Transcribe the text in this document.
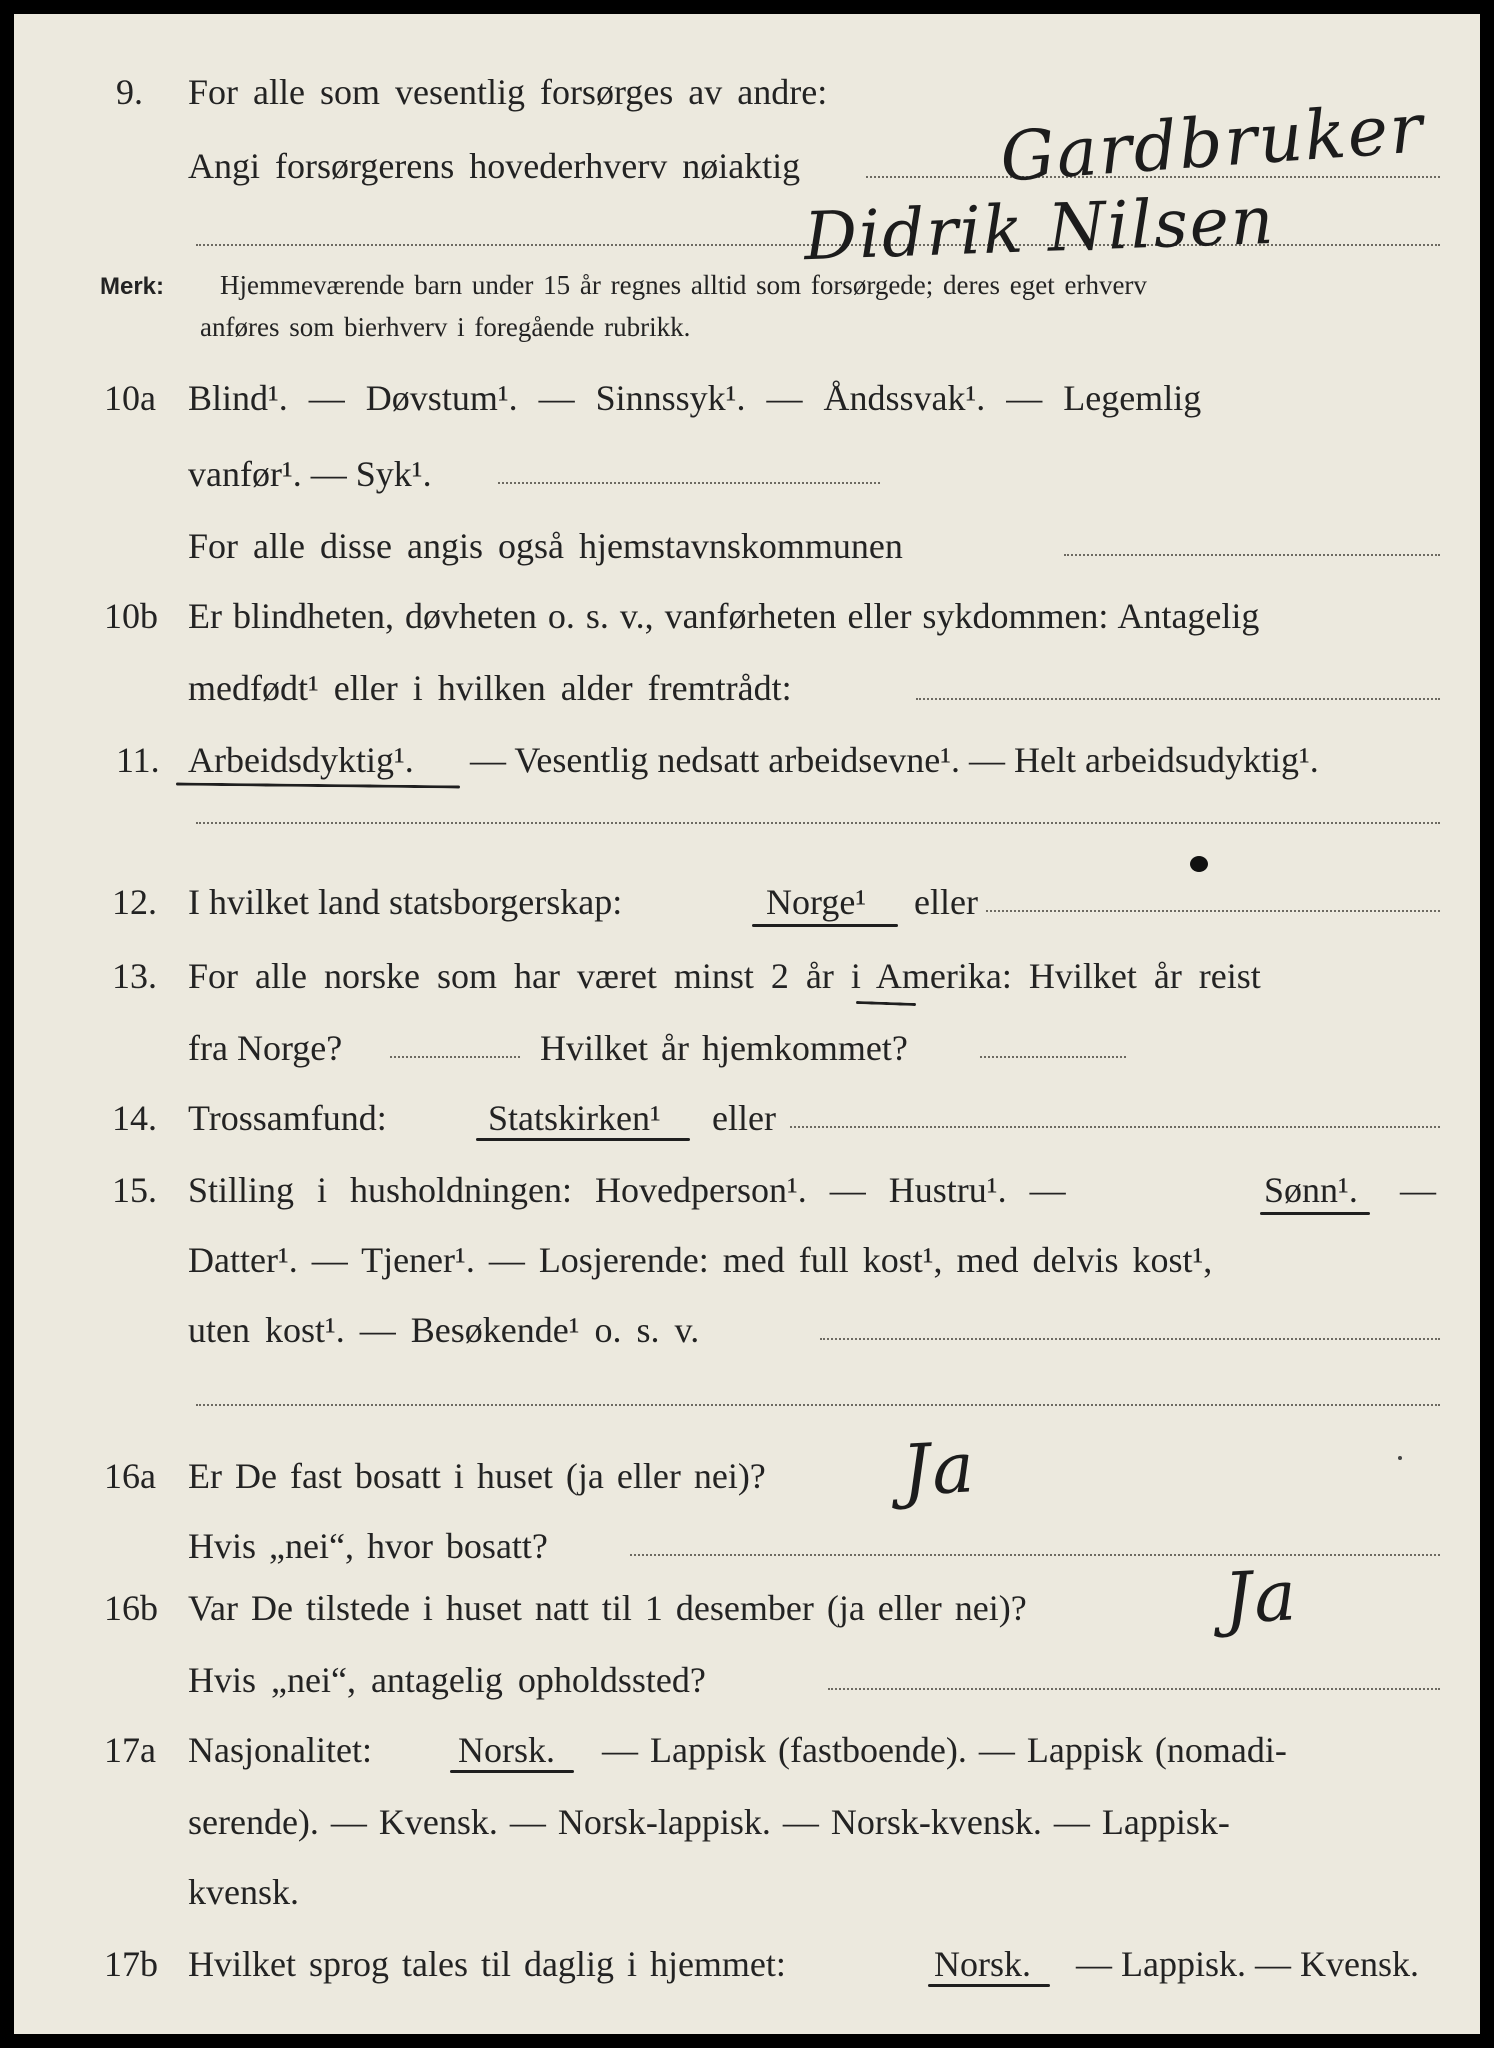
9. For alle som vesentlig forsørges av andre:
Angi forsørgerens hovederhverv nøiaktig	Gardbruker
Didrik Nilsen
Merk: Hjemmeværende barn under 15 år regnes alltid som forsørgede; deres eget erhverv
anføres som bierhverv i foregående rubrikk.
10a Blind¹. — Døvstum¹. — Sinnssyk¹. — Åndssvak¹. — Legemlig
vanfør¹. — Syk¹.
For alle disse angis også hjemstavnskommunen
10b Er blindheten, døvheten o. s. v., vanførheten eller sykdommen: Antagelig
medfødt¹ eller i hvilken alder fremtrådt:
11. Arbeidsdyktig¹. — Vesentlig nedsatt arbeidsevne¹. — Helt arbeidsudyktig¹.
12. I hvilket land statsborgerskap:	Norge¹ eller
13. For alle norske som har været minst 2 år i Amerika: Hvilket år reist
fra Norge?	Hvilket år hjemkommet?
14. Trossamfund:	Statskirken¹ eller
15. Stilling i husholdningen: Hovedperson¹. — Hustru¹. —	Sønn¹. —
Datter¹. — Tjener¹. — Losjerende: med full kost¹, med delvis kost¹,
uten kost¹. — Besøkende¹ o. s. v.
16a Er De fast bosatt i huset (ja eller nei)? Ja
Hvis „nei“, hvor bosatt?
16b Var De tilstede i huset natt til 1 desember (ja eller nei)?	Ja
Hvis „nei“, antagelig opholdssted?
17a Nasjonalitet: Norsk. — Lappisk (fastboende). — Lappisk (nomadi-
serende). — Kvensk. — Norsk-lappisk. — Norsk-kvensk. — Lappisk-
kvensk.
17b Hvilket sprog tales til daglig i hjemmet:	Norsk. — Lappisk. — Kvensk.
